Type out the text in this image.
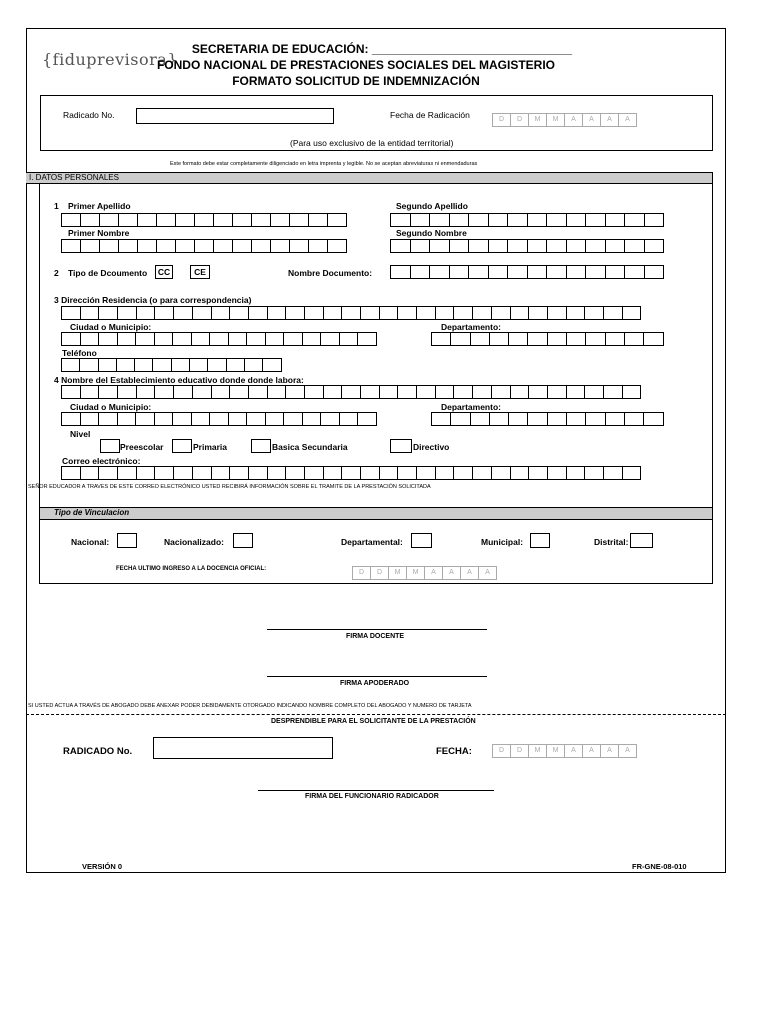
{fiduprevisora}
SECRETARIA DE EDUCACIÓN: ______________________________
FONDO NACIONAL DE PRESTACIONES SOCIALES DEL MAGISTERIO
FORMATO SOLICITUD DE INDEMNIZACIÓN
Radicado No.	Fecha de Radicación	D D M M A A A A
(Para uso exclusivo de la entidad territorial)
Este formato debe estar completamente diligenciado en letra imprenta y legible. No se aceptan abreviaturas ni enmendaduras
I. DATOS PERSONALES
1 Primer Apellido	Segundo Apellido
Primer Nombre	Segundo Nombre
2 Tipo de Dcoumento	CC	CE	Nombre Documento:
3 Dirección Residencia (o para correspondencia)
Ciudad o Municipio:	Departamento:
Teléfono
4 Nombre del Establecimiento educativo donde donde labora:
Ciudad o Municipio:	Departamento:
Nivel
Preescolar	Primaria	Basica Secundaria	Directivo
Correo electrónico:
SEÑOR EDUCADOR A TRAVES DE ESTE CORREO ELECTRÓNICO USTED RECIBIRÁ INFORMACIÓN SOBRE EL TRAMITE DE LA PRESTACIÓN SOLICITADA
Tipo de Vinculacion
Nacional:	Nacionalizado:	Departamental:	Municipal:	Distrital:
FECHA ULTIMO INGRESO A LA DOCENCIA OFICIAL:	D D M M A A A A
FIRMA DOCENTE
FIRMA APODERADO
SI USTED ACTUA A TRAVÉS DE ABOGADO DEBE ANEXAR PODER DEBIDAMENTE OTORGADO INDICANDO NOMBRE COMPLETO DEL ABOGADO Y NUMERO DE TARJETA
DESPRENDIBLE PARA EL SOLICITANTE DE LA PRESTACIÓN
RADICADO No.	FECHA:	D D M M A A A A
FIRMA DEL FUNCIONARIO RADICADOR
VERSIÓN 0	FR-GNE-08-010
